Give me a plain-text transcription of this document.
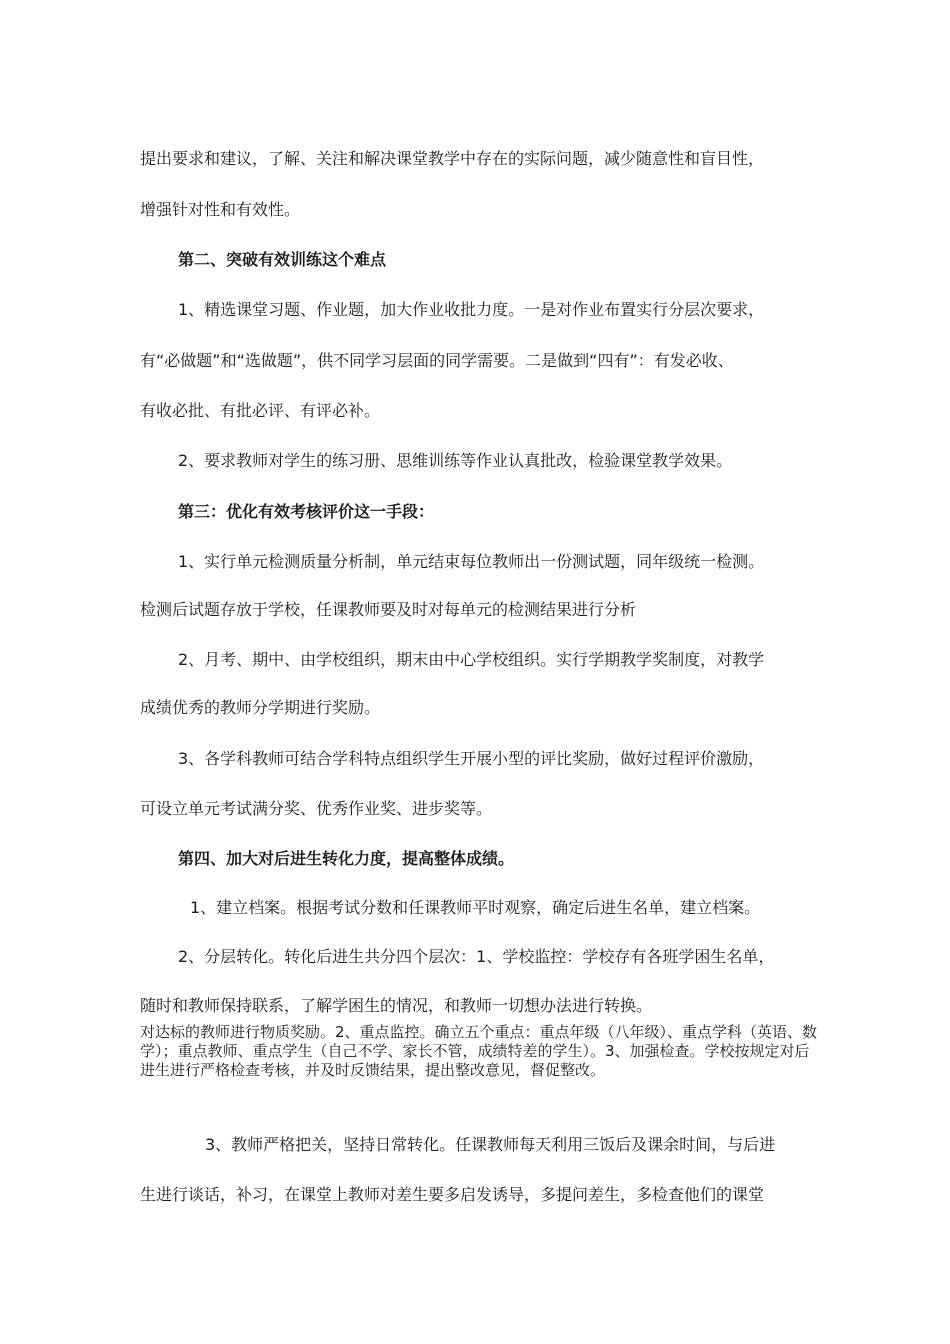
提出要求和建议，了解、关注和解决课堂教学中存在的实际问题，减少随意性和盲目性，

增强针对性和有效性。

第二、突破有效训练这个难点

1、精选课堂习题、作业题，加大作业收批力度。一是对作业布置实行分层次要求，

有“必做题”和“选做题”，供不同学习层面的同学需要。二是做到“四有”：有发必收、

有收必批、有批必评、有评必补。

2、要求教师对学生的练习册、思维训练等作业认真批改，检验课堂教学效果。

第三：优化有效考核评价这一手段：

1、实行单元检测质量分析制，单元结束每位教师出一份测试题，同年级统一检测。

检测后试题存放于学校，任课教师要及时对每单元的检测结果进行分析

2、月考、期中、由学校组织，期末由中心学校组织。实行学期教学奖制度，对教学

成绩优秀的教师分学期进行奖励。

3、各学科教师可结合学科特点组织学生开展小型的评比奖励，做好过程评价激励，

可设立单元考试满分奖、优秀作业奖、进步奖等。

第四、加大对后进生转化力度，提高整体成绩。

1、建立档案。根据考试分数和任课教师平时观察，确定后进生名单，建立档案。

2、分层转化。转化后进生共分四个层次：1、学校监控：学校存有各班学困生名单，

随时和教师保持联系，了解学困生的情况，和教师一切想办法进行转换。

对达标的教师进行物质奖励。2、重点监控。确立五个重点：重点年级（八年级）、重点学科（英语、数学）；重点教师、重点学生（自己不学、家长不管，成绩特差的学生）。3、加强检查。学校按规定对后进生进行严格检查考核，并及时反馈结果，提出整改意见，督促整改。

3、教师严格把关，坚持日常转化。任课教师每天利用三饭后及课余时间，与后进

生进行谈话，补习，在课堂上教师对差生要多启发诱导，多提问差生，多检查他们的课堂
